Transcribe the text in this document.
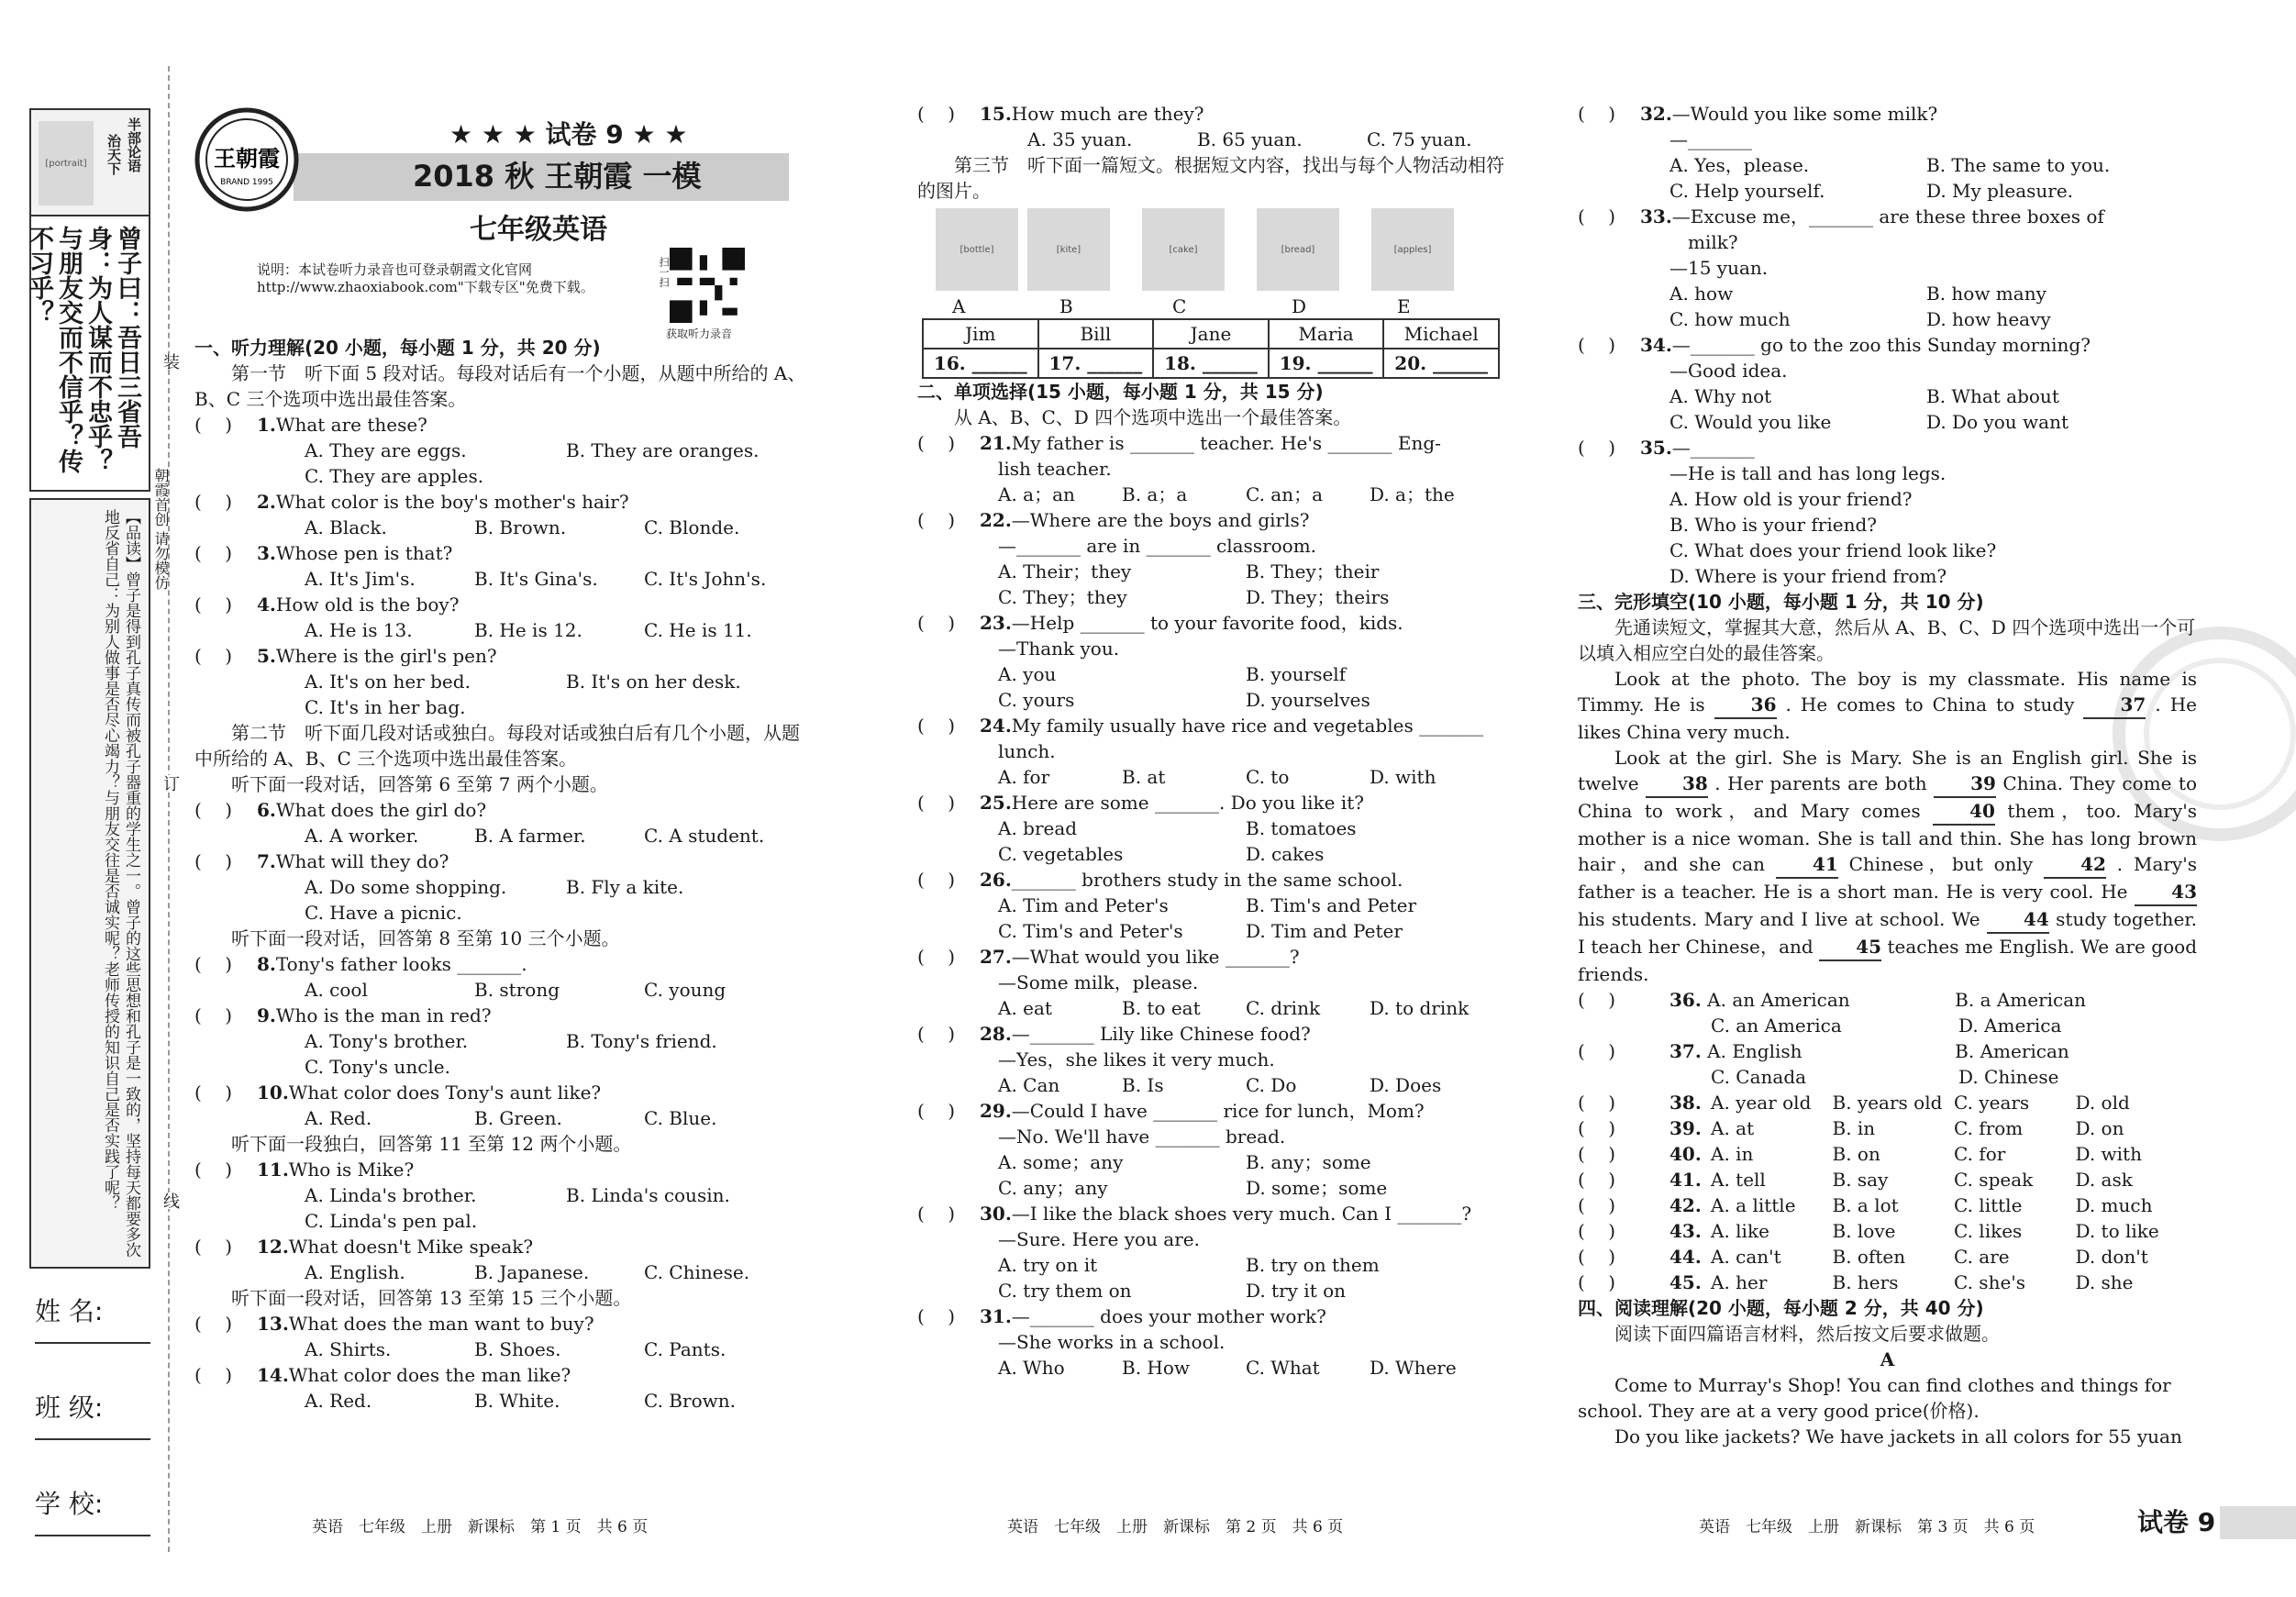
[portrait]	半部论语
治天下
曾子曰：吾日三省吾身：为人谋而不忠乎？与朋友交而不信乎？传不习乎？
【品读】曾子是得到孔子真传而被孔子器重的学生之一。曾子的这些思想和孔子是一致的，坚持每天都要多次地反省自己：为别人做事是否尽心竭力？与朋友交往是否诚实呢？老师传授的知识自己是否实践了呢？
姓 名:
班 级:
学 校:
装
订
线
朝霞首创 请勿模仿
王朝霞
BRAND 1995
★ ★ ★ 试卷 9 ★ ★
2018 秋 王朝霞 一模
七年级英语
说明：本试卷听力录音也可登录朝霞文化官网 http://www.zhaoxiabook.com"下载专区"免费下载。	扫一扫
获取听力录音
一、听力理解(20 小题，每小题 1 分，共 20 分)
第一节　听下面 5 段对话。每段对话后有一个小题，从题中所给的 A、B、C 三个选项中选出最佳答案。
(    )	1. What are these?
A. They are eggs.	B. They are oranges.
C. They are apples.
(    )	2. What color is the boy's mother's hair?
A. Black.	B. Brown.	C. Blonde.
(    )	3. Whose pen is that?
A. It's Jim's.	B. It's Gina's.	C. It's John's.
(    )	4. How old is the boy?
A. He is 13.	B. He is 12.	C. He is 11.
(    )	5. Where is the girl's pen?
A. It's on her bed.	B. It's on her desk.
C. It's in her bag.
第二节　听下面几段对话或独白。每段对话或独白后有几个小题，从题中所给的 A、B、C 三个选项中选出最佳答案。
听下面一段对话，回答第 6 至第 7 两个小题。
(    )	6. What does the girl do?
A. A worker.	B. A farmer.	C. A student.
(    )	7. What will they do?
A. Do some shopping.	B. Fly a kite.
C. Have a picnic.
听下面一段对话，回答第 8 至第 10 三个小题。
(    )	8. Tony's father looks _______.
A. cool	B. strong	C. young
(    )	9. Who is the man in red?
A. Tony's brother.	B. Tony's friend.
C. Tony's uncle.
(    )	10. What color does Tony's aunt like?
A. Red.	B. Green.	C. Blue.
听下面一段独白，回答第 11 至第 12 两个小题。
(    )	11. Who is Mike?
A. Linda's brother.	B. Linda's cousin.
C. Linda's pen pal.
(    )	12. What doesn't Mike speak?
A. English.	B. Japanese.	C. Chinese.
听下面一段对话，回答第 13 至第 15 三个小题。
(    )	13. What does the man want to buy?
A. Shirts.	B. Shoes.	C. Pants.
(    )	14. What color does the man like?
A. Red.	B. White.	C. Brown.
(    )	15. How much are they?
A. 35 yuan.	B. 65 yuan.	C. 75 yuan.
第三节　听下面一篇短文。根据短文内容，找出与每个人物活动相符的图片。
[bottle]	[kite]	[cake]	[bread]	[apples]
A	B	C	D	E
Jim	Bill	Jane	Maria	Michael
16. ______	17. ______	18. ______	19. ______	20. ______
二、单项选择(15 小题，每小题 1 分，共 15 分)
从 A、B、C、D 四个选项中选出一个最佳答案。
(    )	21. My father is _______ teacher. He's _______ Eng-
lish teacher.
A. a；an	B. a；a	C. an；a	D. a；the
(    )	22. —Where are the boys and girls?
—_______ are in _______ classroom.
A. Their；they	B. They；their
C. They；they	D. They；theirs
(    )	23. —Help _______ to your favorite food，kids.
—Thank you.
A. you	B. yourself
C. yours	D. yourselves
(    )	24. My family usually have rice and vegetables _______
lunch.
A. for	B. at	C. to	D. with
(    )	25. Here are some _______. Do you like it?
A. bread	B. tomatoes
C. vegetables	D. cakes
(    )	26. _______ brothers study in the same school.
A. Tim and Peter's	B. Tim's and Peter
C. Tim's and Peter's	D. Tim and Peter
(    )	27. —What would you like _______?
—Some milk，please.
A. eat	B. to eat	C. drink	D. to drink
(    )	28. —_______ Lily like Chinese food?
—Yes，she likes it very much.
A. Can	B. Is	C. Do	D. Does
(    )	29. —Could I have _______ rice for lunch，Mom?
—No. We'll have _______ bread.
A. some；any	B. any；some
C. any；any	D. some；some
(    )	30. —I like the black shoes very much. Can I _______?
—Sure. Here you are.
A. try on it	B. try on them
C. try them on	D. try it on
(    )	31. —_______ does your mother work?
—She works in a school.
A. Who	B. How	C. What	D. Where
(    )	32. —Would you like some milk?
—_______
A. Yes，please.	B. The same to you.
C. Help yourself.	D. My pleasure.
(    )	33. —Excuse me，_______ are these three boxes of
milk?
—15 yuan.
A. how	B. how many
C. how much	D. how heavy
(    )	34. —_______ go to the zoo this Sunday morning?
—Good idea.
A. Why not	B. What about
C. Would you like	D. Do you want
(    )	35. —_______
—He is tall and has long legs.
A. How old is your friend?
B. Who is your friend?
C. What does your friend look like?
D. Where is your friend from?
三、完形填空(10 小题，每小题 1 分，共 10 分)
先通读短文，掌握其大意，然后从 A、B、C、D 四个选项中选出一个可以填入相应空白处的最佳答案。
Look at the photo. The boy is my classmate. His name is Timmy. He is 36 . He comes to China to study 37 . He likes China very much.
Look at the girl. She is Mary. She is an English girl. She is twelve 38 . Her parents are both 39 China. They come to China to work，and Mary comes 40 them，too. Mary's mother is a nice woman. She is tall and thin. She has long brown hair，and she can 41 Chinese，but only 42 . Mary's father is a teacher. He is a short man. He is very cool. He 43 his students. Mary and I live at school. We 44 study together. I teach her Chinese，and 45 teaches me English. We are good friends.
(    )	36.
A. an American	B. a American
C. an America	D. America
(    )	37.
A. English	B. American
C. Canada	D. Chinese
(    )	38. A. year old	B. years old C. years	D. old
(    )	39. A. at	B. in	C. from	D. on
(    )	40. A. in	B. on	C. for	D. with
(    )	41. A. tell	B. say	C. speak	D. ask
(    )	42. A. a little	B. a lot	C. little	D. much
(    )	43. A. like	B. love	C. likes	D. to like
(    )	44. A. can't	B. often	C. are	D. don't
(    )	45. A. her	B. hers	C. she's	D. she
四、阅读理解(20 小题，每小题 2 分，共 40 分)
阅读下面四篇语言材料，然后按文后要求做题。
A
Come to Murray's Shop! You can find clothes and things for school. They are at a very good price(价格).
Do you like jackets? We have jackets in all colors for 55 yuan
英语　七年级　上册　新课标　第 1 页　共 6 页	英语　七年级　上册　新课标　第 2 页　共 6 页	英语　七年级　上册　新课标　第 3 页　共 6 页	试卷 9
